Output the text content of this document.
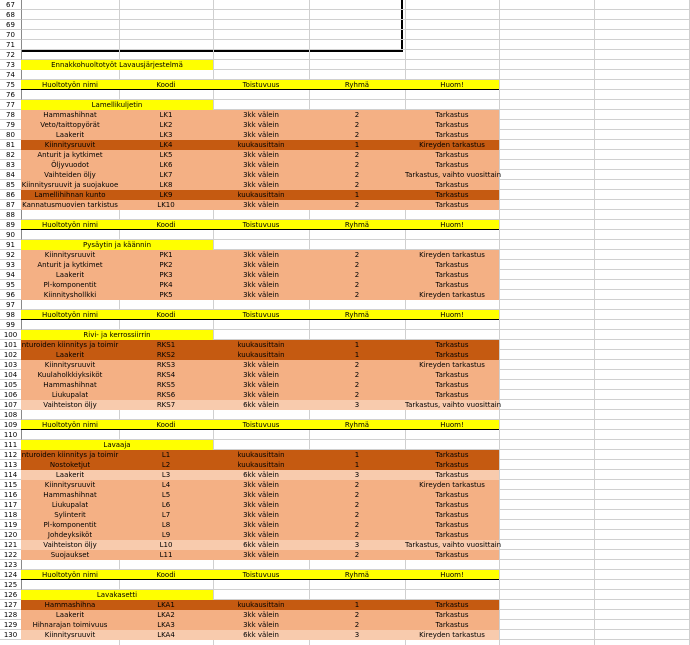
67
68
69
70
71
72
73	Ennakkohuoltotyöt Lavausjärjestelmä
74
75	Huoltotyön nimi	Koodi	Toistuvuus	Ryhmä	Huom!
76
77	Lamellikuljetin
78	Hammashihnat	LK1	3kk välein	2	Tarkastus
79	Veto/taittopyörät	LK2	3kk välein	2	Tarkastus
80	Laakerit	LK3	3kk välein	2	Tarkastus
81	Kiinnitysruuvit	LK4	kuukausittain	1	Kireyden tarkastus
82	Anturit ja kytkimet	LK5	3kk välein	2	Tarkastus
83	Öljyvuodot	LK6	3kk välein	2	Tarkastus
84	Vaihteiden öljy	LK7	3kk välein	2	Tarkastus, vaihto vuosittain
85 Kiinnitysruuvit ja suojakuoe	LK8	3kk välein	2	Tarkastus
86	Lamellihihnan kunto	LK9	kuukausittain	1	Tarkastus
87	Kannatusmuovien tarkistus	LK10	3kk välein	2	Tarkastus
88
89	Huoltotyön nimi	Koodi	Toistuvuus	Ryhmä	Huom!
90
91	Pysäytin ja käännin
92	Kiinnitysruuvit	PK1	3kk välein	2	Kireyden tarkastus
93	Anturit ja kytkimet	PK2	3kk välein	2	Tarkastus
94	Laakerit	PK3	3kk välein	2	Tarkastus
95	Pl-komponentit	PK4	3kk välein	2	Tarkastus
96	Kiinnityshollkki	PK5	3kk välein	2	Kireyden tarkastus
97
98	Huoltotyön nimi	Koodi	Toistuvuus	Ryhmä	Huom!
99
100	Rivi- ja kerrossiirrin
101 nturoiden kiinnitys ja toimir	RKS1	kuukausittain	1	Tarkastus
102	Laakerit	RKS2	kuukausittain	1	Tarkastus
103	Kiinnitysruuvit	RKS3	3kk välein	2	Kireyden tarkastus
104	Kuulaholkkiyksiköt	RKS4	3kk välein	2	Tarkastus
105	Hammashihnat	RKS5	3kk välein	2	Tarkastus
106	Liukupalat	RKS6	3kk välein	2	Tarkastus
107	Vaihteiston öljy	RKS7	6kk välein	3	Tarkastus, vaihto vuosittain
108
109	Huoltotyön nimi	Koodi	Toistuvuus	Ryhmä	Huom!
110
111	Lavaaja
112 nturoiden kiinnitys ja toimir	L1	kuukausittain	1	Tarkastus
113	Nostoketjut	L2	kuukausittain	1	Tarkastus
114	Laakerit	L3	6kk välein	3	Tarkastus
115	Kiinnitysruuvit	L4	3kk välein	2	Kireyden tarkastus
116	Hammashihnat	L5	3kk välein	2	Tarkastus
117	Liukupalat	L6	3kk välein	2	Tarkastus
118	Sylinterit	L7	3kk välein	2	Tarkastus
119	Pl-komponentit	L8	3kk välein	2	Tarkastus
120	Johdeyksiköt	L9	3kk välein	2	Tarkastus
121	Vaihteiston öljy	L10	6kk välein	3	Tarkastus, vaihto vuosittain
122	Suojaukset	L11	3kk välein	2	Tarkastus
123
124	Huoltotyön nimi	Koodi	Toistuvuus	Ryhmä	Huom!
125
126	Lavakasetti
127	Hammashihna	LKA1	kuukausittain	1	Tarkastus
128	Laakerit	LKA2	3kk välein	2	Tarkastus
129	Hihnarajan toimivuus	LKA3	3kk välein	2	Tarkastus
130	Kiinnitysruuvit	LKA4	6kk välein	3	Kireyden tarkastus
